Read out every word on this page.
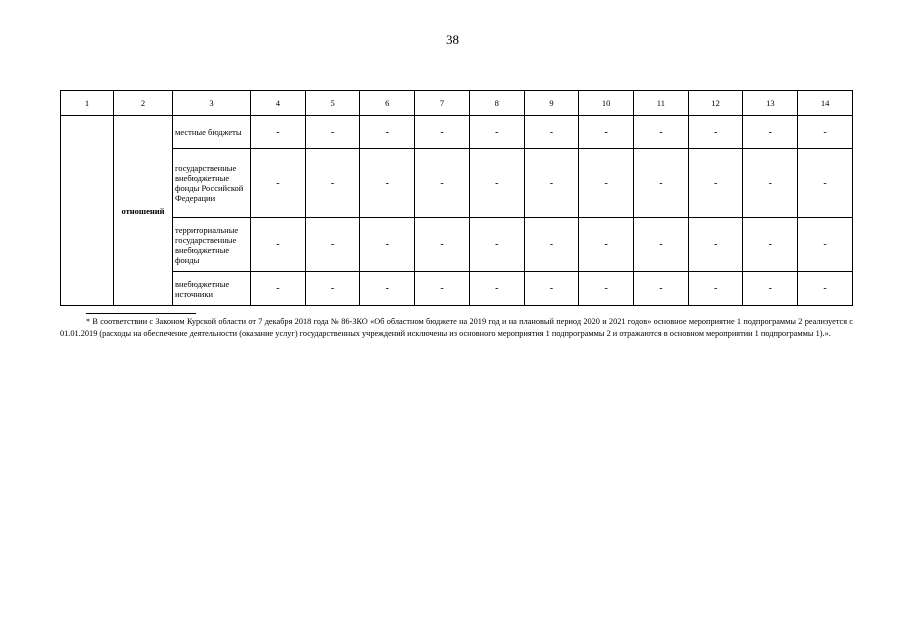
38
1	2	3	4	5	6	7	8	9	10	11	12	13	14
	отношений	местные бюджеты	-	-	-	-	-	-	-	-	-	-	-
		государственные внебюджетные фонды Российской Федерации	-	-	-	-	-	-	-	-	-	-	-
		территориальные государственные внебюджетные фонды	-	-	-	-	-	-	-	-	-	-	-
		внебюджетные источники	-	-	-	-	-	-	-	-	-	-	-
* В соответствии с Законом Курской области от 7 декабря 2018 года № 86-ЗКО «Об областном бюджете на 2019 год и на плановый период 2020 и 2021 годов» основное мероприятие 1 подпрограммы 2 реализуется с 01.01.2019 (расходы на обеспечение деятельности (оказание услуг) государственных учреждений исключены из основного мероприятия 1 подпрограммы 2 и отражаются в основном мероприятии 1 подпрограммы 1).».
